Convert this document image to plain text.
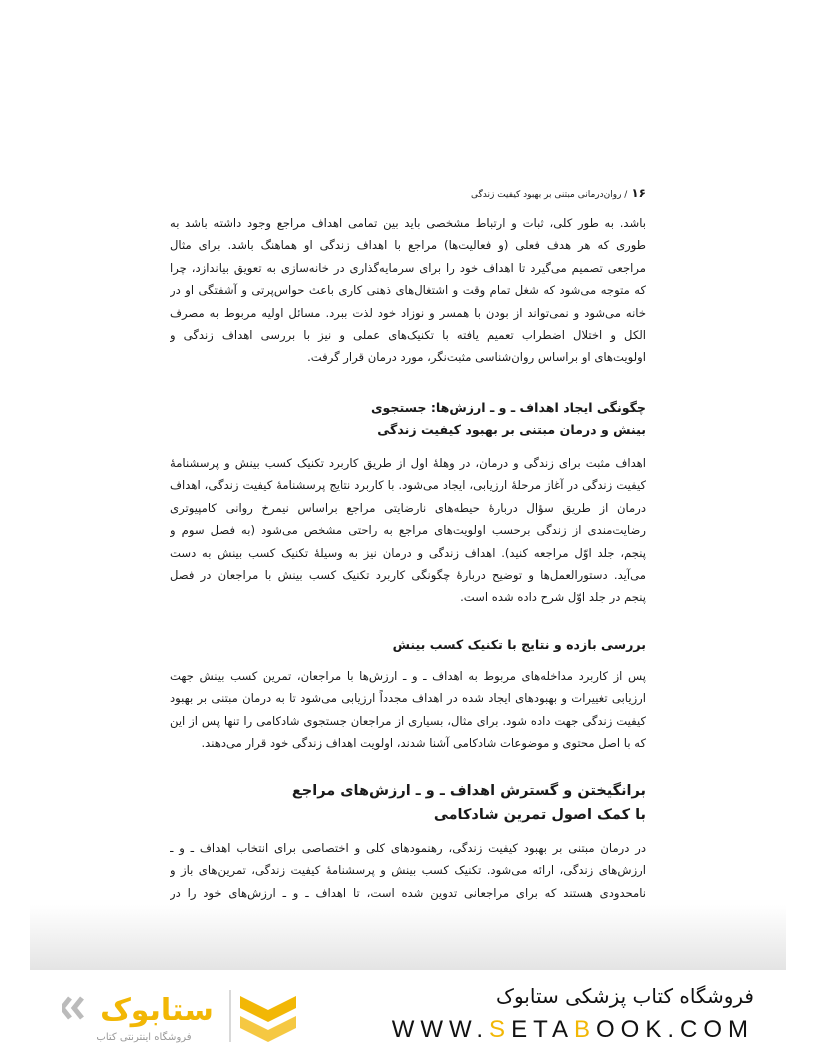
۱۶/ روان‌درمانی مبتنی بر بهبود کیفیت زندگی
باشد. به طور کلی، ثبات و ارتباط مشخصی باید بین تمامی اهداف مراجع وجود داشته باشد به
طوری که هر هدف فعلی (و فعالیت‌ها) مراجع با اهداف زندگی او هماهنگ باشد. برای مثال
مراجعی تصمیم می‌گیرد تا اهداف خود را برای سرمایه‌گذاری در خانه‌سازی به تعویق بیاندازد، چرا
که متوجه می‌شود که شغل تمام وقت و اشتغال‌های ذهنی کاری باعث حواس‌پرتی و آشفتگی او در
خانه می‌شود و نمی‌تواند از بودن با همسر و نوزاد خود لذت ببرد. مسائل اولیه مربوط به مصرف
الکل و اختلال اضطراب تعمیم یافته با تکنیک‌های عملی و نیز با بررسی اهداف زندگی و
اولویت‌های او براساس روان‌شناسی مثبت‌نگر، مورد درمان قرار گرفت.
چگونگی ایجاد اهداف ـ و ـ ارزش‌ها: جستجوی
بینش و درمان مبتنی بر بهبود کیفیت زندگی
اهداف مثبت برای زندگی و درمان، در وهلهٔ اول از طریق کاربرد تکنیک کسب بینش و پرسشنامهٔ
کیفیت زندگی در آغاز مرحلهٔ ارزیابی، ایجاد می‌شود. با کاربرد نتایج پرسشنامهٔ کیفیت زندگی، اهداف
درمان از طریق سؤال دربارهٔ حیطه‌های نارضایتی مراجع براساس نیمرخ روانی کامپیوتری
رضایت‌مندی از زندگی برحسب اولویت‌های مراجع به راحتی مشخص می‌شود (به فصل سوم و
پنجم، جلد اوّل مراجعه کنید). اهداف زندگی و درمان نیز به وسیلهٔ تکنیک کسب بینش به دست
می‌آید. دستورالعمل‌ها و توضیح دربارهٔ چگونگی کاربرد تکنیک کسب بینش با مراجعان در فصل
پنجم در جلد اوّل شرح داده شده است.
بررسی بازده و نتایج با تکنیک کسب بینش
پس از کاربرد مداخله‌های مربوط به اهداف ـ و ـ ارزش‌ها با مراجعان، تمرین کسب بینش جهت
ارزیابی تغییرات و بهبودهای ایجاد شده در اهداف مجدداً ارزیابی می‌شود تا به درمان مبتنی بر بهبود
کیفیت زندگی جهت داده شود. برای مثال، بسیاری از مراجعان جستجوی شادکامی را تنها پس از این
که با اصل محتوی و موضوعات شادکامی آشنا شدند، اولویت اهداف زندگی خود قرار می‌دهند.
برانگیختن و گسترش اهداف ـ و ـ ارزش‌های مراجع
با کمک اصول تمرین شادکامی
در درمان مبتنی بر بهبود کیفیت زندگی، رهنمودهای کلی و اختصاصی برای انتخاب اهداف ـ و ـ
ارزش‌های زندگی، ارائه می‌شود. تکنیک کسب بینش و پرسشنامهٔ کیفیت زندگی، تمرین‌های باز و
نامحدودی هستند که برای مراجعانی تدوین شده است، تا اهداف ـ و ـ ارزش‌های خود را در
ستابوک
فروشگاه اینترنتی کتاب
فروشگاه کتاب پزشکی ستابوک
WWW.SETABOOK.COM
